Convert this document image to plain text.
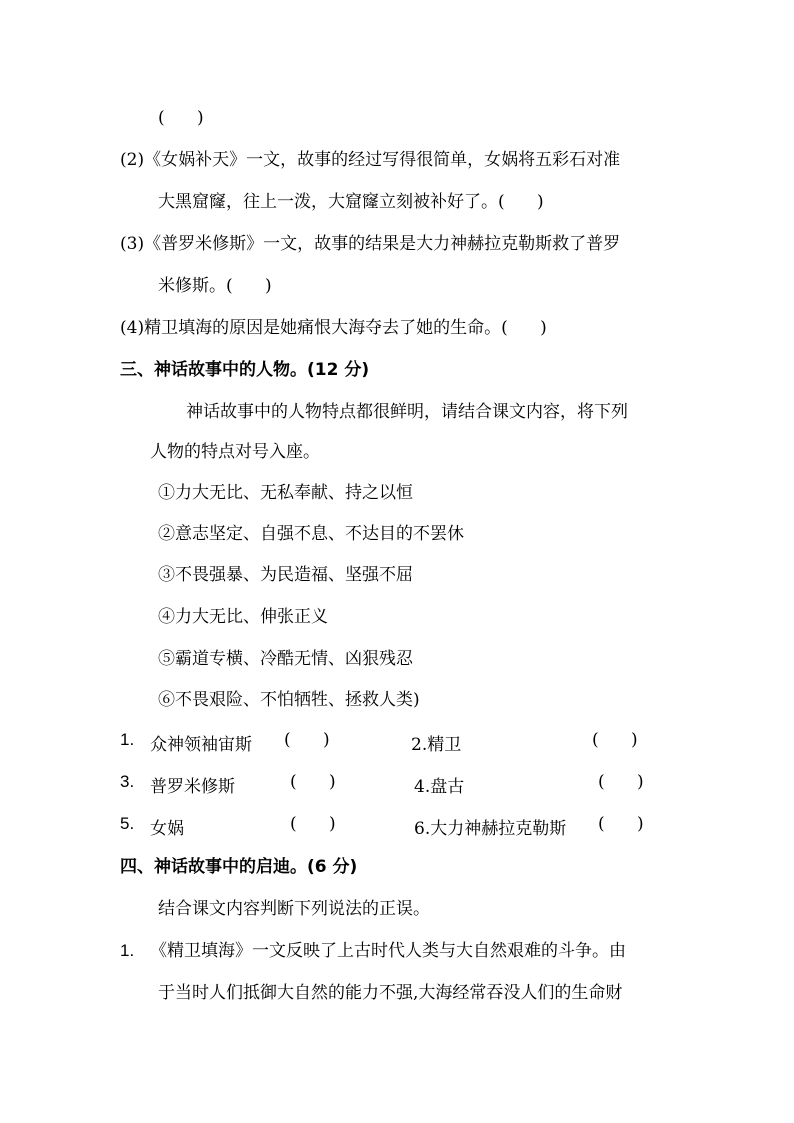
(      )
(2)《女娲补天》一文，故事的经过写得很简单，女娲将五彩石对准
大黑窟窿，往上一泼，大窟窿立刻被补好了。(      )
(3)《普罗米修斯》一文，故事的结果是大力神赫拉克勒斯救了普罗
米修斯。(      )
(4)精卫填海的原因是她痛恨大海夺去了她的生命。(      )
三、神话故事中的人物。(12 分)
神话故事中的人物特点都很鲜明，请结合课文内容，将下列
人物的特点对号入座。
①力大无比、无私奉献、持之以恒
②意志坚定、自强不息、不达目的不罢休
③不畏强暴、为民造福、坚强不屈
④力大无比、伸张正义
⑤霸道专横、冷酷无情、凶狠残忍
⑥不畏艰险、不怕牺牲、拯救人类)
1. 众神领袖宙斯 (      )	2.精卫	(      )
3. 普罗米修斯	(      )	4.盘古	(      )
5. 女娲	(      )	6.大力神赫拉克勒斯 (      )
四、神话故事中的启迪。(6 分)
结合课文内容判断下列说法的正误。
1. 《精卫填海》一文反映了上古时代人类与大自然艰难的斗争。由
于当时人们抵御大自然的能力不强,大海经常吞没人们的生命财
